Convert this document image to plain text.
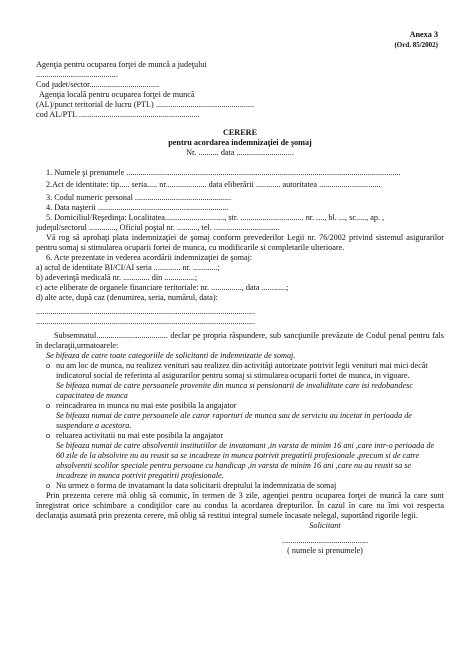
Anexa 3
(Ord. 85/2002)
Agenţia pentru ocuparea forţei de muncă a judeţului
........................................
Cod judet/sector..................................
Agenţia locală pentru ocuparea forţei de muncă
(AL)/punct teritorial de lucru (PTL) ................................................
cod AL/PTL ...........................................................
CERERE
pentru acordarea indemnizaţiei de şomaj
Nr. .......... data ............................
1. Numele şi prenumele ......................................................................................................................................
2.Act de identitate: tip..... seria..... nr.................... data eliberării ............ autoritatea ..............................
3. Codul numeric personal ...............................................
4. Data naşterii ................................................................
5. Domiciliul/Reşedinţa: Localitatea............................., str. ............................... nr. ...., bl. ..., sc....., ap. ,
judeţul/sectorul ............., Oficiul poştal nr. .........., tel. ................................

Vă rog să aprobaţi plata indemnizaţiei de şomaj conform prevederilor Legii nr. 76/2002 privind sistemul asigurarilor pentru somaj si stimularea ocuparii fortei de munca, cu modificarile si completarile ulterioare.

6. Acte prezentate in vederea acordării indemnizaţiei de şomaj:
a) actul de identitate BI/CI/AI seria ............. nr. ............;
b) adeverinţă medicală nr. ............. din ...............;
c) acte eliberate de organele financiare teritoriale: nr. ..............., data ............;
d) alte acte, după caz (denumirea, seria, numărul, data):
...........................................................................................................
...........................................................................................................

Subsemnatul................................... declar pe propria răspundere, sub sancţiunile prevăzute de Codul penal pentru fals în declaraţii,urmatoarele:

Se bifeaza de catre toate categoriile de solicitanti de indemnizatie de somaj.
o nu am loc de munca, nu realizez venituri sau realizez din activităţi autorizate potrivit legii venituri mai mici decât indicatorul social de referinta al asigurarilor pentru somaj si stimularea ocuparii fortei de munca, in vigoare.
Se bifeaza numai de catre persoanele provenite din munca si pensionarii de invaliditate care isi redobandesc capacitatea de munca
o reincadrarea in munca nu mai este posibila la angajator
Se bifeaza numai de catre persoanele ale caror raporturi de munca sau de serviciu au incetat in perioada de suspendare a acestora.
o reluarea activitatii nu mai este posibila la angajator
Se bifeaza numai de catre absolventii institutiilor de invatamant ,in varsta de minim 16 ani ,care intr-o perioada de 60 zile de la absolvire nu au reusit sa se incadreze in munca potrivit pregatirii profesionale ,precum si de catre absolventii scolilor speciale pentru persoane cu handicap ,in varsta de minim 16 ani ,care nu au reusit sa se incadreze in munca potrivit pregatirii profesionale.
o Nu urmez o forma de invatamant la data solicitarii dreptului la indemnizatia de somaj

Prin prezenta cerere mă oblig să comunic, în termen de 3 zile, agenţiei pentru ocuparea forţei de muncă la care sunt înregistrat orice schimbare a condiţiilor care au condus la acordarea drepturilor. În cazul în care nu îmi voi respecta declaraţia asumată prin prezenta cerere, mă oblig să restitui integral sumele încasate nelegal, suportând rigorile legii.

Solicitant
..........................................
( numele si prenumele)
